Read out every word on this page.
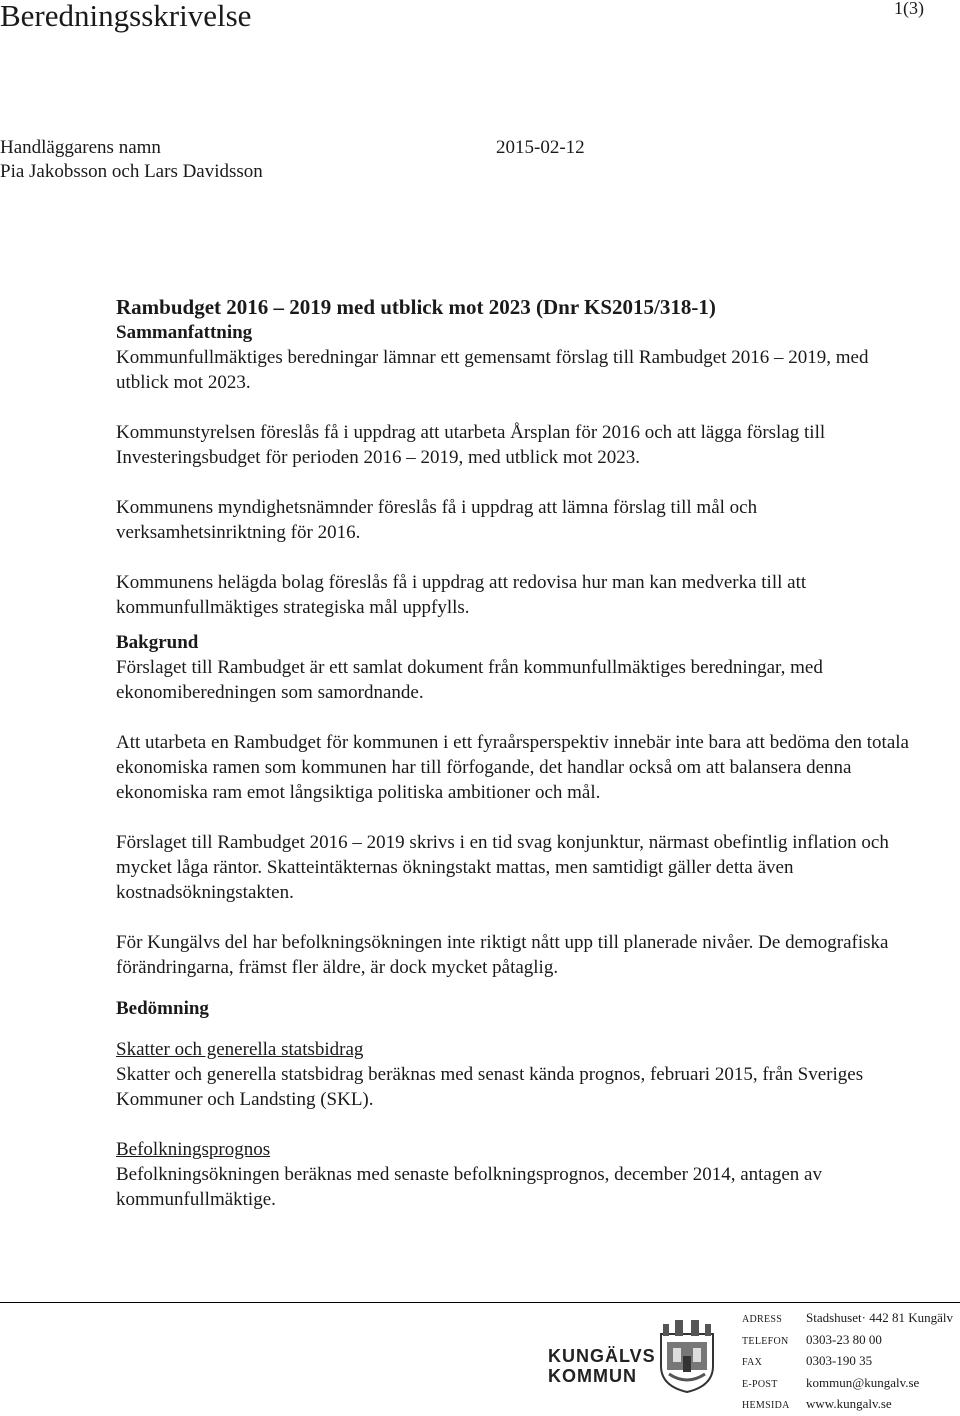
Beredningsskrivelse	1(3)
Handläggarens namn	2015-02-12
Pia Jakobsson och Lars Davidsson

Rambudget 2016 – 2019 med utblick mot 2023 (Dnr KS2015/318-1)

Sammanfattning

Kommunfullmäktiges beredningar lämnar ett gemensamt förslag till Rambudget 2016 – 2019, med utblick mot 2023.

Kommunstyrelsen föreslås få i uppdrag att utarbeta Årsplan för 2016 och att lägga förslag till Investeringsbudget för perioden 2016 – 2019, med utblick mot 2023.

Kommunens myndighetsnämnder föreslås få i uppdrag att lämna förslag till mål och verksamhetsinriktning för 2016.

Kommunens helägda bolag föreslås få i uppdrag att redovisa hur man kan medverka till att kommunfullmäktiges strategiska mål uppfylls.

Bakgrund

Förslaget till Rambudget är ett samlat dokument från kommunfullmäktiges beredningar, med ekonomiberedningen som samordnande.

Att utarbeta en Rambudget för kommunen i ett fyraårsperspektiv innebär inte bara att bedöma den totala ekonomiska ramen som kommunen har till förfogande, det handlar också om att balansera denna ekonomiska ram emot långsiktiga politiska ambitioner och mål.

Förslaget till Rambudget 2016 – 2019 skrivs i en tid svag konjunktur, närmast obefintlig inflation och mycket låga räntor. Skatteintäkternas ökningstakt mattas, men samtidigt gäller detta även kostnadsökningstakten.

För Kungälvs del har befolkningsökningen inte riktigt nått upp till planerade nivåer. De demografiska förändringarna, främst fler äldre, är dock mycket påtaglig.

Bedömning

Skatter och generella statsbidrag

Skatter och generella statsbidrag beräknas med senast kända prognos, februari 2015, från Sveriges Kommuner och Landsting (SKL).

Befolkningsprognos

Befolkningsökningen beräknas med senaste befolkningsprognos, december 2014, antagen av kommunfullmäktige.

KUNGÄLVS
KOMMUN
ADRESS Stadshuset· 442 81 Kungälv
TELEFON 0303-23 80 00
FAX	0303-190 35
E-POST kommun@kungalv.se
HEMSIDA www.kungalv.se
